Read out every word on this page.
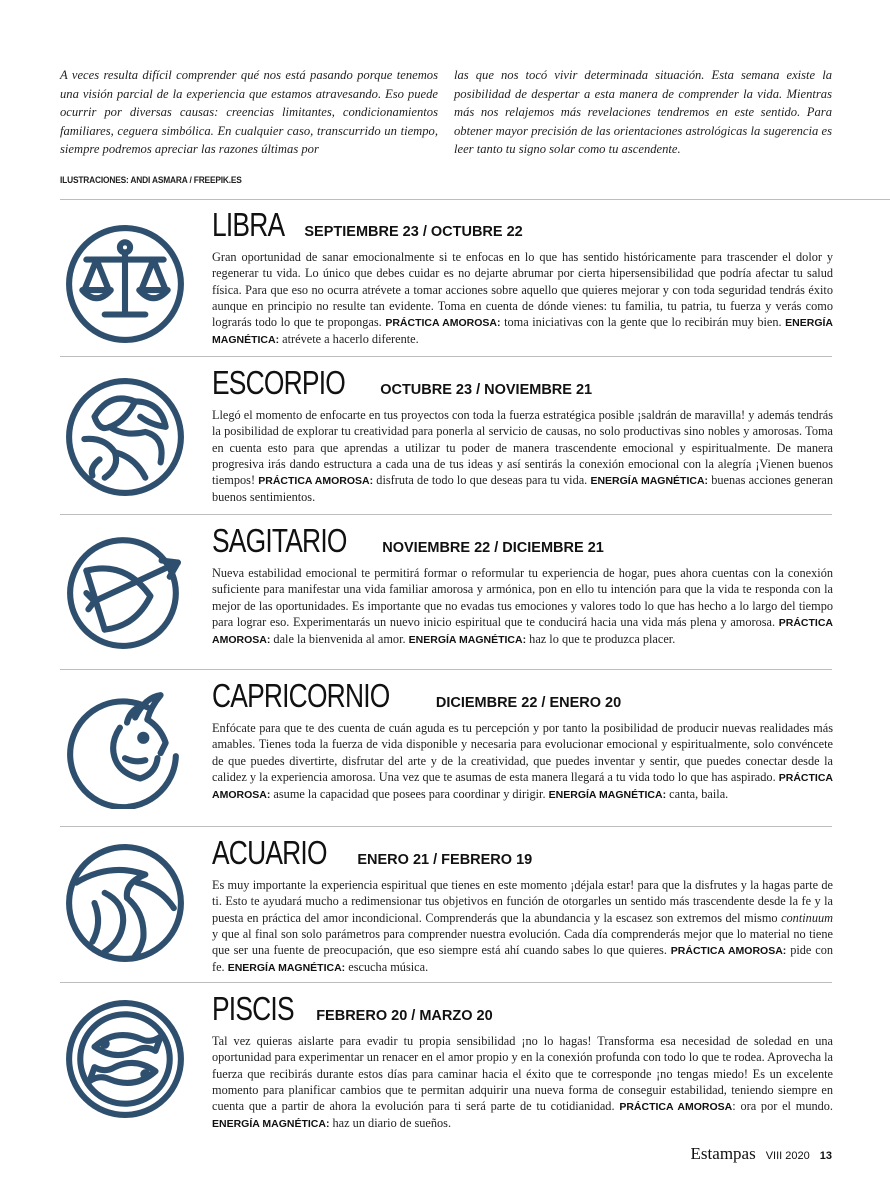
A veces resulta difícil comprender qué nos está pasando porque tenemos una visión parcial de la experiencia que estamos atravesando. Eso puede ocurrir por diversas causas: creencias limitantes, condicionamientos familiares, ceguera simbólica. En cualquier caso, transcurrido un tiempo, siempre podremos apreciar las razones últimas por

las que nos tocó vivir determinada situación. Esta semana existe la posibilidad de despertar a esta manera de comprender la vida. Mientras más nos relajemos más revelaciones tendremos en este sentido. Para obtener mayor precisión de las orientaciones astrológicas la sugerencia es leer tanto tu signo solar como tu ascendente.

ILUSTRACIONES: ANDI ASMARA / FREEPIK.ES
LIBRA SEPTIEMBRE 23 / OCTUBRE 22

Gran oportunidad de sanar emocionalmente si te enfocas en lo que has sentido históricamente para trascender el dolor y regenerar tu vida. Lo único que debes cuidar es no dejarte abrumar por cierta hipersensibilidad que podría afectar tu salud física. Para que eso no ocurra atrévete a tomar acciones sobre aquello que quieres mejorar y con toda seguridad tendrás éxito aunque en principio no resulte tan evidente. Toma en cuenta de dónde vienes: tu familia, tu patria, tu fuerza y verás como lograrás todo lo que te propongas. PRÁCTICA AMOROSA: toma iniciativas con la gente que lo recibirán muy bien. ENERGÍA MAGNÉTICA: atrévete a hacerlo diferente.

ESCORPIO OCTUBRE 23 / NOVIEMBRE 21

Llegó el momento de enfocarte en tus proyectos con toda la fuerza estratégica posible ¡saldrán de maravilla! y además tendrás la posibilidad de explorar tu creatividad para ponerla al servicio de causas, no solo productivas sino nobles y amorosas. Toma en cuenta esto para que aprendas a utilizar tu poder de manera trascendente emocional y espiritualmente. De manera progresiva irás dando estructura a cada una de tus ideas y así sentirás la conexión emocional con la alegría ¡Vienen buenos tiempos! PRÁCTICA AMOROSA: disfruta de todo lo que deseas para tu vida. ENERGÍA MAGNÉTICA: buenas acciones generan buenos sentimientos.

SAGITARIO NOVIEMBRE 22 / DICIEMBRE 21

Nueva estabilidad emocional te permitirá formar o reformular tu experiencia de hogar, pues ahora cuentas con la conexión suficiente para manifestar una vida familiar amorosa y armónica, pon en ello tu intención para que la vida te responda con la mejor de las oportunidades. Es importante que no evadas tus emociones y valores todo lo que has hecho a lo largo del tiempo para lograr eso. Experimentarás un nuevo inicio espiritual que te conducirá hacia una vida más plena y amorosa. PRÁCTICA AMOROSA: dale la bienvenida al amor. ENERGÍA MAGNÉTICA: haz lo que te produzca placer.

CAPRICORNIO	DICIEMBRE 22 / ENERO 20

Enfócate para que te des cuenta de cuán aguda es tu percepción y por tanto la posibilidad de producir nuevas realidades más amables. Tienes toda la fuerza de vida disponible y necesaria para evolucionar emocional y espiritualmente, solo convéncete de que puedes divertirte, disfrutar del arte y de la creatividad, que puedes inventar y sentir, que puedes conectar desde la calidez y la experiencia amorosa. Una vez que te asumas de esta manera llegará a tu vida todo lo que has aspirado. PRÁCTICA AMOROSA: asume la capacidad que posees para coordinar y dirigir. ENERGÍA MAGNÉTICA: canta, baila.

ACUARIO ENERO 21 / FEBRERO 19

Es muy importante la experiencia espiritual que tienes en este momento ¡déjala estar! para que la disfrutes y la hagas parte de ti. Esto te ayudará mucho a redimensionar tus objetivos en función de otorgarles un sentido más trascendente desde la fe y la puesta en práctica del amor incondicional. Comprenderás que la abundancia y la escasez son extremos del mismo continuum y que al final son solo parámetros para comprender nuestra evolución. Cada día comprenderás mejor que lo material no tiene que ser una fuente de preocupación, que eso siempre está ahí cuando sabes lo que quieres. PRÁCTICA AMOROSA: pide con fe. ENERGÍA MAGNÉTICA: escucha música.

PISCIS FEBRERO 20 / MARZO 20

Tal vez quieras aislarte para evadir tu propia sensibilidad ¡no lo hagas! Transforma esa necesidad de soledad en una oportunidad para experimentar un renacer en el amor propio y en la conexión profunda con todo lo que te rodea. Aprovecha la fuerza que recibirás durante estos días para caminar hacia el éxito que te corresponde ¡no tengas miedo! Es un excelente momento para planificar cambios que te permitan adquirir una nueva forma de conseguir estabilidad, teniendo siempre en cuenta que a partir de ahora la evolución para ti será parte de tu cotidianidad. PRÁCTICA AMOROSA: ora por el mundo. ENERGÍA MAGNÉTICA: haz un diario de sueños.

Estampas VIII 2020 13
